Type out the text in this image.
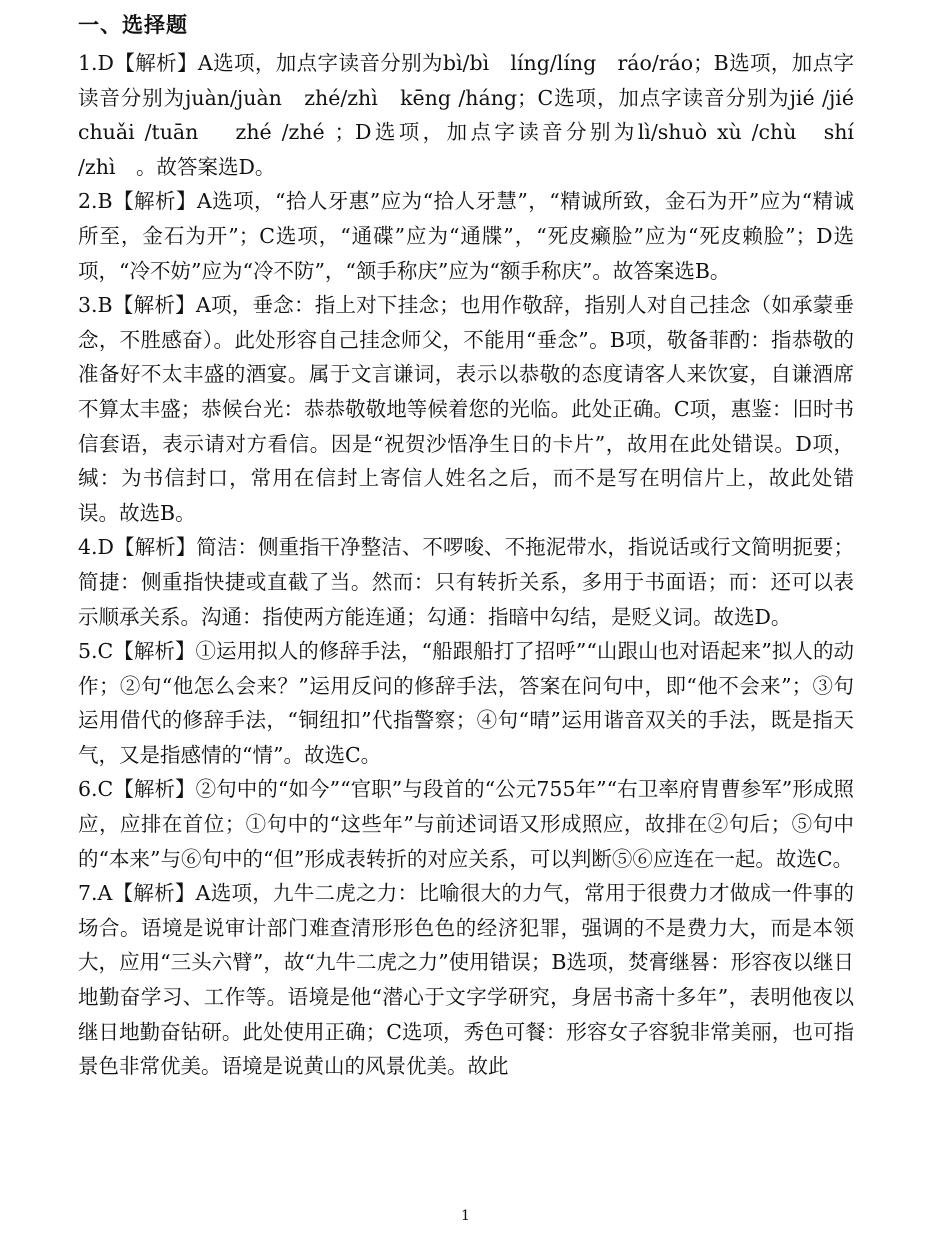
一、选择题

1.D【解析】A选项，加点字读音分别为bì/bì　líng/líng　ráo/ráo；B选项，加点字读音分别为juàn/juàn　zhé/zhì　kēng /háng；C选项，加点字读音分别为jié /jié　chuǎi /tuān　 zhé /zhé ；D选项，加点字读音分别为lì/shuò xù /chù　shí /zhì　。故答案选D。

2.B【解析】A选项，“拾人牙惠”应为“拾人牙慧”，“精诚所致，金石为开”应为“精诚所至，金石为开”；C选项，“通碟”应为“通牒”，“死皮癞脸”应为“死皮赖脸”；D选项，“冷不妨”应为“冷不防”，“颔手称庆”应为“额手称庆”。故答案选B。

3.B【解析】A项，垂念：指上对下挂念；也用作敬辞，指别人对自己挂念（如承蒙垂念，不胜感奋）。此处形容自己挂念师父，不能用“垂念”。B项，敬备菲酌：指恭敬的准备好不太丰盛的酒宴。属于文言谦词，表示以恭敬的态度请客人来饮宴，自谦酒席不算太丰盛；恭候台光：恭恭敬敬地等候着您的光临。此处正确。C项，惠鉴：旧时书信套语，表示请对方看信。因是“祝贺沙悟净生日的卡片”，故用在此处错误。D项，缄：为书信封口，常用在信封上寄信人姓名之后，而不是写在明信片上，故此处错误。故选B。

4.D【解析】简洁：侧重指干净整洁、不啰唆、不拖泥带水，指说话或行文简明扼要；简捷：侧重指快捷或直截了当。然而：只有转折关系，多用于书面语；而：还可以表示顺承关系。沟通：指使两方能连通；勾通：指暗中勾结，是贬义词。故选D。

5.C【解析】①运用拟人的修辞手法，“船跟船打了招呼”“山跟山也对语起来”拟人的动作；②句“他怎么会来？”运用反问的修辞手法，答案在问句中，即“他不会来”；③句运用借代的修辞手法，“铜纽扣”代指警察；④句“晴”运用谐音双关的手法，既是指天气，又是指感情的“情”。故选C。

6.C【解析】②句中的“如今”“官职”与段首的“公元755年”“右卫率府胄曹参军”形成照应，应排在首位；①句中的“这些年”与前述词语又形成照应，故排在②句后；⑤句中的“本来”与⑥句中的“但”形成表转折的对应关系，可以判断⑤⑥应连在一起。故选C。

7.A【解析】A选项，九牛二虎之力：比喻很大的力气，常用于很费力才做成一件事的场合。语境是说审计部门难查清形形色色的经济犯罪，强调的不是费力大，而是本领大，应用“三头六臂”，故“九牛二虎之力”使用错误；B选项，焚膏继晷：形容夜以继日地勤奋学习、工作等。语境是他“潜心于文字学研究，身居书斋十多年”，表明他夜以继日地勤奋钻研。此处使用正确；C选项，秀色可餐：形容女子容貌非常美丽，也可指景色非常优美。语境是说黄山的风景优美。故此

1
